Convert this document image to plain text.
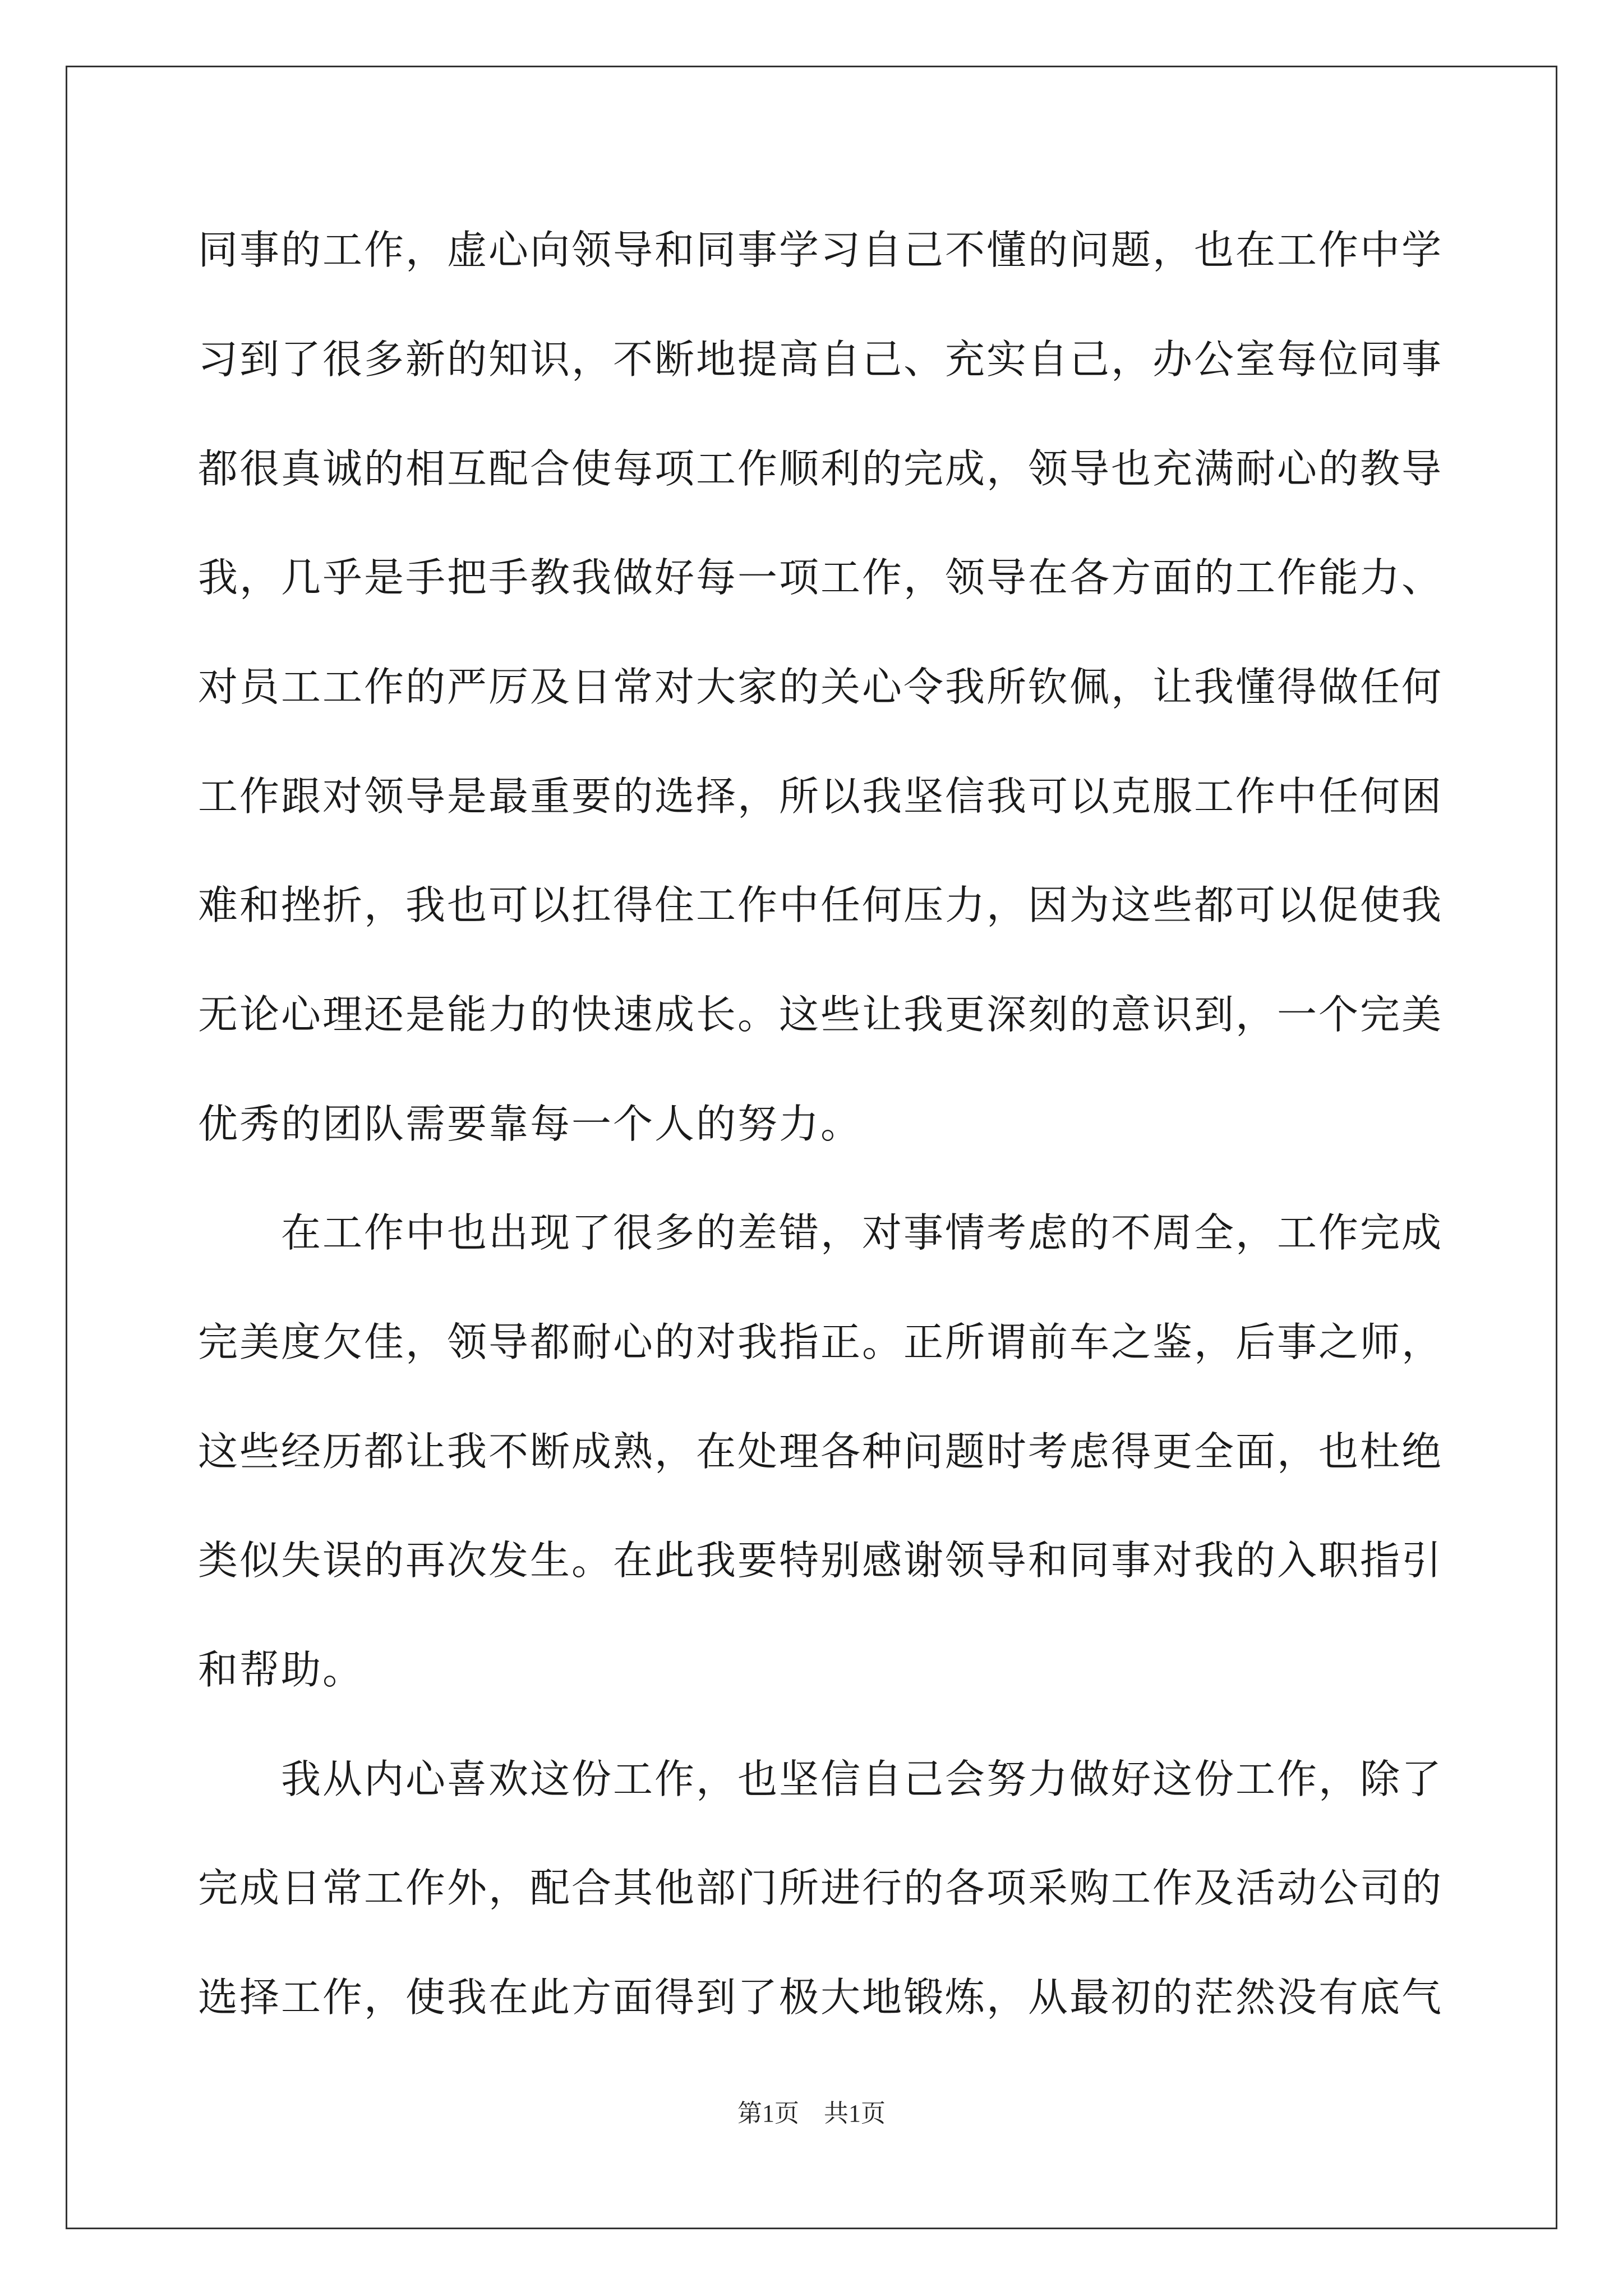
同事的工作，虚心向领导和同事学习自己不懂的问题，也在工作中学
习到了很多新的知识，不断地提高自己、充实自己，办公室每位同事
都很真诚的相互配合使每项工作顺利的完成，领导也充满耐心的教导
我，几乎是手把手教我做好每一项工作，领导在各方面的工作能力、
对员工工作的严厉及日常对大家的关心令我所钦佩，让我懂得做任何
工作跟对领导是最重要的选择，所以我坚信我可以克服工作中任何困
难和挫折，我也可以扛得住工作中任何压力，因为这些都可以促使我
无论心理还是能力的快速成长。这些让我更深刻的意识到，一个完美
优秀的团队需要靠每一个人的努力。
在工作中也出现了很多的差错，对事情考虑的不周全，工作完成
完美度欠佳，领导都耐心的对我指正。正所谓前车之鉴，后事之师，
这些经历都让我不断成熟，在处理各种问题时考虑得更全面，也杜绝
类似失误的再次发生。在此我要特别感谢领导和同事对我的入职指引
和帮助。
我从内心喜欢这份工作，也坚信自己会努力做好这份工作，除了
完成日常工作外，配合其他部门所进行的各项采购工作及活动公司的
选择工作，使我在此方面得到了极大地锻炼，从最初的茫然没有底气
第1页　共1页
